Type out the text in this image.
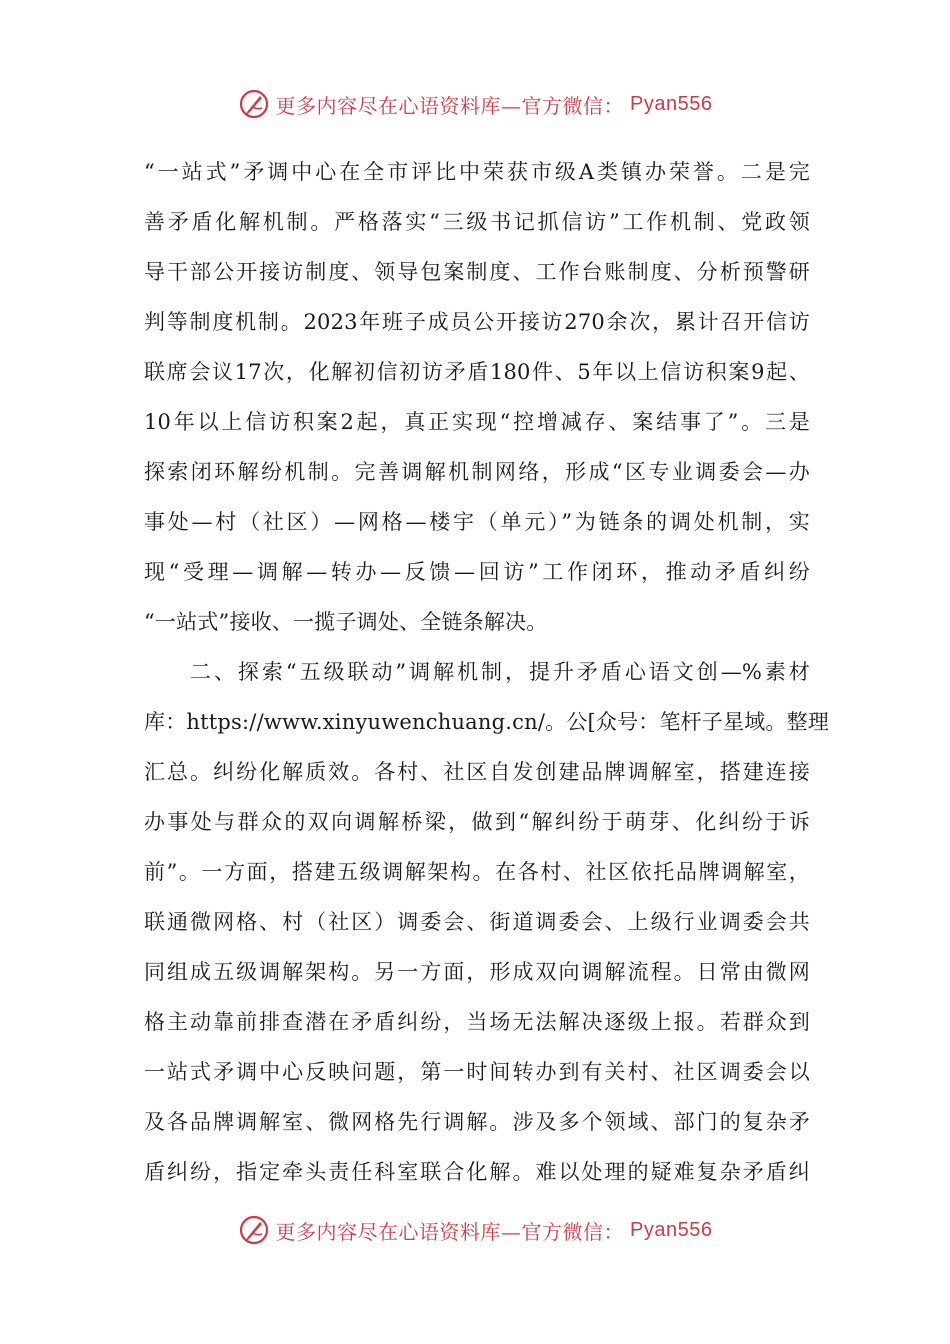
更多内容尽在心语资料库—官方微信： Pyan556
“一站式”矛调中心在全市评比中荣获市级A类镇办荣誉。二是完
善矛盾化解机制。严格落实“三级书记抓信访”工作机制、党政领
导干部公开接访制度、领导包案制度、工作台账制度、分析预警研
判等制度机制。2023年班子成员公开接访270余次，累计召开信访
联席会议17次，化解初信初访矛盾180件、5年以上信访积案9起、
10年以上信访积案2起，真正实现“控增减存、案结事了”。三是
探索闭环解纷机制。完善调解机制网络，形成“区专业调委会—办
事处—村（社区）—网格—楼宇（单元）”为链条的调处机制，实
现“受理—调解—转办—反馈—回访”工作闭环，推动矛盾纠纷
“一站式”接收、一揽子调处、全链条解决。
二、探索“五级联动”调解机制，提升矛盾心语文创—%素材
库：https://www.xinyuwenchuang.cn/。公[众号：笔杆子星域。整理
汇总。纠纷化解质效。各村、社区自发创建品牌调解室，搭建连接
办事处与群众的双向调解桥梁，做到“解纠纷于萌芽、化纠纷于诉
前”。一方面，搭建五级调解架构。在各村、社区依托品牌调解室，
联通微网格、村（社区）调委会、街道调委会、上级行业调委会共
同组成五级调解架构。另一方面，形成双向调解流程。日常由微网
格主动靠前排查潜在矛盾纠纷，当场无法解决逐级上报。若群众到
一站式矛调中心反映问题，第一时间转办到有关村、社区调委会以
及各品牌调解室、微网格先行调解。涉及多个领域、部门的复杂矛
盾纠纷，指定牵头责任科室联合化解。难以处理的疑难复杂矛盾纠
更多内容尽在心语资料库—官方微信： Pyan556
